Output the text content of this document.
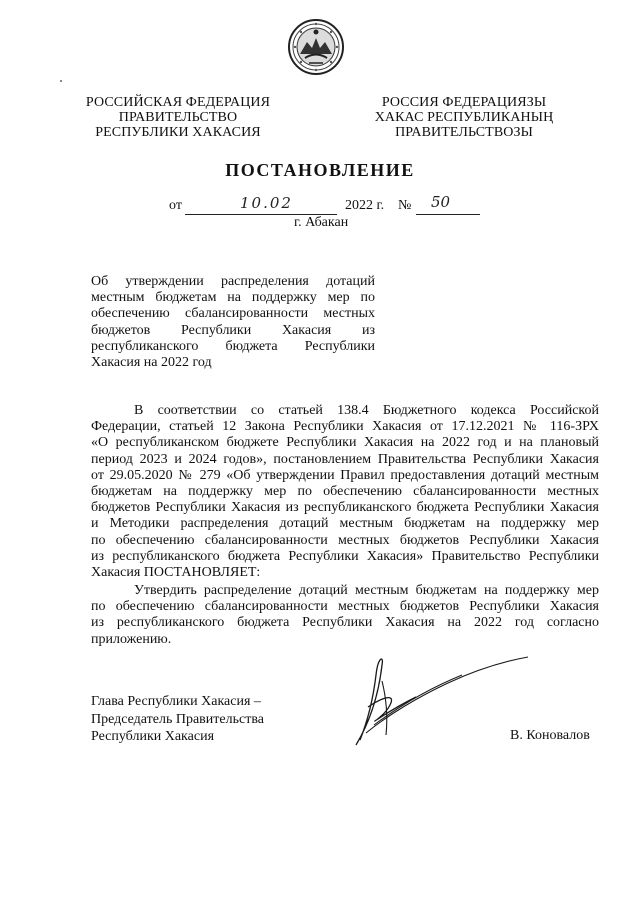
РОССИЙСКАЯ ФЕДЕРАЦИЯ
ПРАВИТЕЛЬСТВО
РЕСПУБЛИКИ ХАКАСИЯ
РОССИЯ ФЕДЕРАЦИЯЗЫ
ХАКАС РЕСПУБЛИКАНЫҢ
ПРАВИТЕЛЬСТВОЗЫ
ПОСТАНОВЛЕНИЕ
от	10.02	2022 г. № 50
г. Абакан
Об утверждении распределения дотаций
местным бюджетам на поддержку мер по
обеспечению сбалансированности местных
бюджетов Республики Хакасия из
республиканского бюджета Республики
Хакасия на 2022 год
В соответствии со статьей 138.4 Бюджетного кодекса Российской
Федерации, статьей 12 Закона Республики Хакасия от 17.12.2021 № 116-ЗРХ
«О республиканском бюджете Республики Хакасия на 2022 год и на плановый
период 2023 и 2024 годов», постановлением Правительства Республики Хакасия
от 29.05.2020 № 279 «Об утверждении Правил предоставления дотаций местным
бюджетам на поддержку мер по обеспечению сбалансированности местных
бюджетов Республики Хакасия из республиканского бюджета Республики Хакасия
и Методики распределения дотаций местным бюджетам на поддержку мер
по обеспечению сбалансированности местных бюджетов Республики Хакасия
из республиканского бюджета Республики Хакасия» Правительство Республики
Хакасия ПОСТАНОВЛЯЕТ:
Утвердить распределение дотаций местным бюджетам на поддержку мер
по обеспечению сбалансированности местных бюджетов Республики Хакасия
из республиканского бюджета Республики Хакасия на 2022 год согласно
приложению.
Глава Республики Хакасия –
Председатель Правительства
Республики Хакасия	В. Коновалов
